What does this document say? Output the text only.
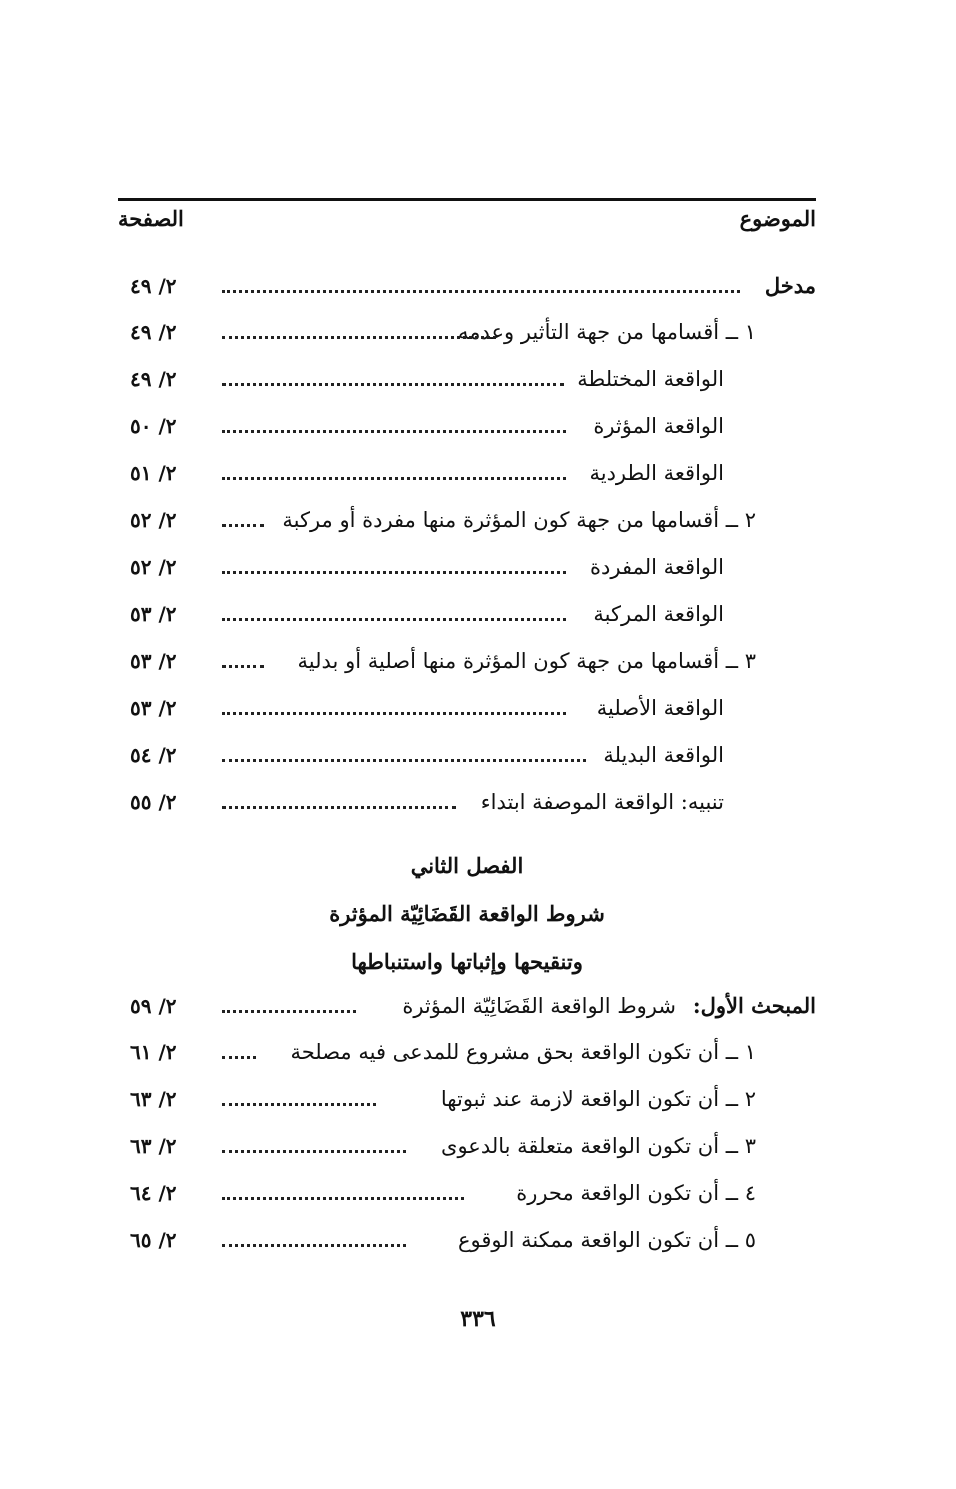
الموضوع
الصفحة
مدخل
٢/ ٤٩
١ ــ أقسامها من جهة التأثير وعدمه
٢/ ٤٩
الواقعة المختلطة
٢/ ٤٩
الواقعة المؤثرة
٢/ ٥٠
الواقعة الطردية
٢/ ٥١
٢ ــ أقسامها من جهة كون المؤثرة منها مفردة أو مركبة
٢/ ٥٢
الواقعة المفردة
٢/ ٥٢
الواقعة المركبة
٢/ ٥٣
٣ ــ أقسامها من جهة كون المؤثرة منها أصلية أو بدلية
٢/ ٥٣
الواقعة الأصلية
٢/ ٥٣
الواقعة البديلة
٢/ ٥٤
تنبيه: الواقعة الموصفة ابتداء
٢/ ٥٥
الفصل الثاني
شروط الواقعة القَضَائِيّة المؤثرة
وتنقيحها وإثباتها واستنباطها
المبحث الأول:
شروط الواقعة القَضَائِيّة المؤثرة
٢/ ٥٩
١ ــ أن تكون الواقعة بحق مشروع للمدعى فيه مصلحة
٢/ ٦١
٢ ــ أن تكون الواقعة لازمة عند ثبوتها
٢/ ٦٣
٣ ــ أن تكون الواقعة متعلقة بالدعوى
٢/ ٦٣
٤ ــ أن تكون الواقعة محررة
٢/ ٦٤
٥ ــ أن تكون الواقعة ممكنة الوقوع
٢/ ٦٥
٣٣٦
